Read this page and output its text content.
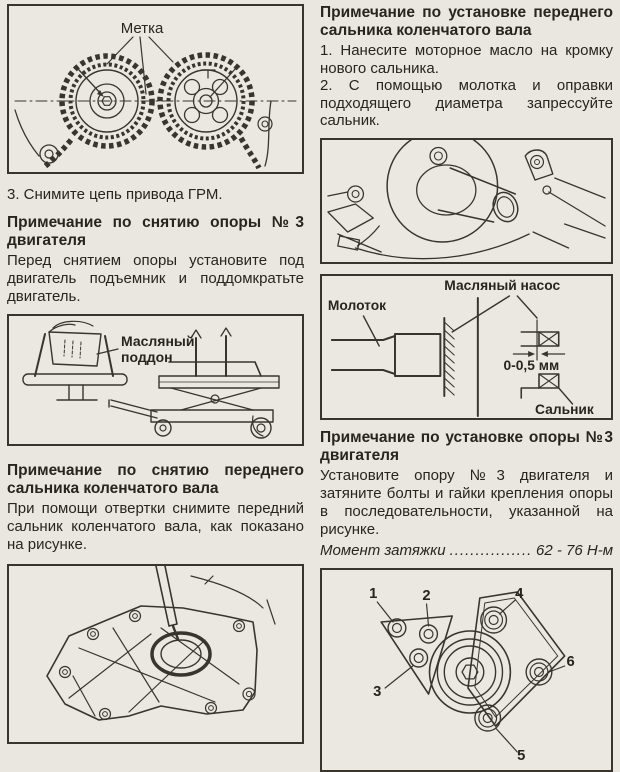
Метка

3. Снимите цепь привода ГРМ.

Примечание по снятию опоры №3 двигателя

Перед снятием опоры установите под двигатель подъемник и поддомкратьте двигатель.

Масляный
поддон
Примечание по снятию переднего сальника коленчатого вала

При помощи отвертки снимите передний сальник коленчатого вала, как показано на рисунке.

Примечание по установке переднего сальника коленчатого вала

1. Нанесите моторное масло на кромку нового сальника.

2. С помощью молотка и оправки подходящего диаметра запрессуйте сальник.

0-0,5 мм
Молоток
Масляный насос
Сальник
Примечание по установке опоры №3 двигателя

Установите опору №3 двигателя и затяните болты и гайки крепления опоры в последовательности, указанной на рисунке.

Момент затяжки ................ 62 - 76 Н-м

1	2
3
4
6
5
